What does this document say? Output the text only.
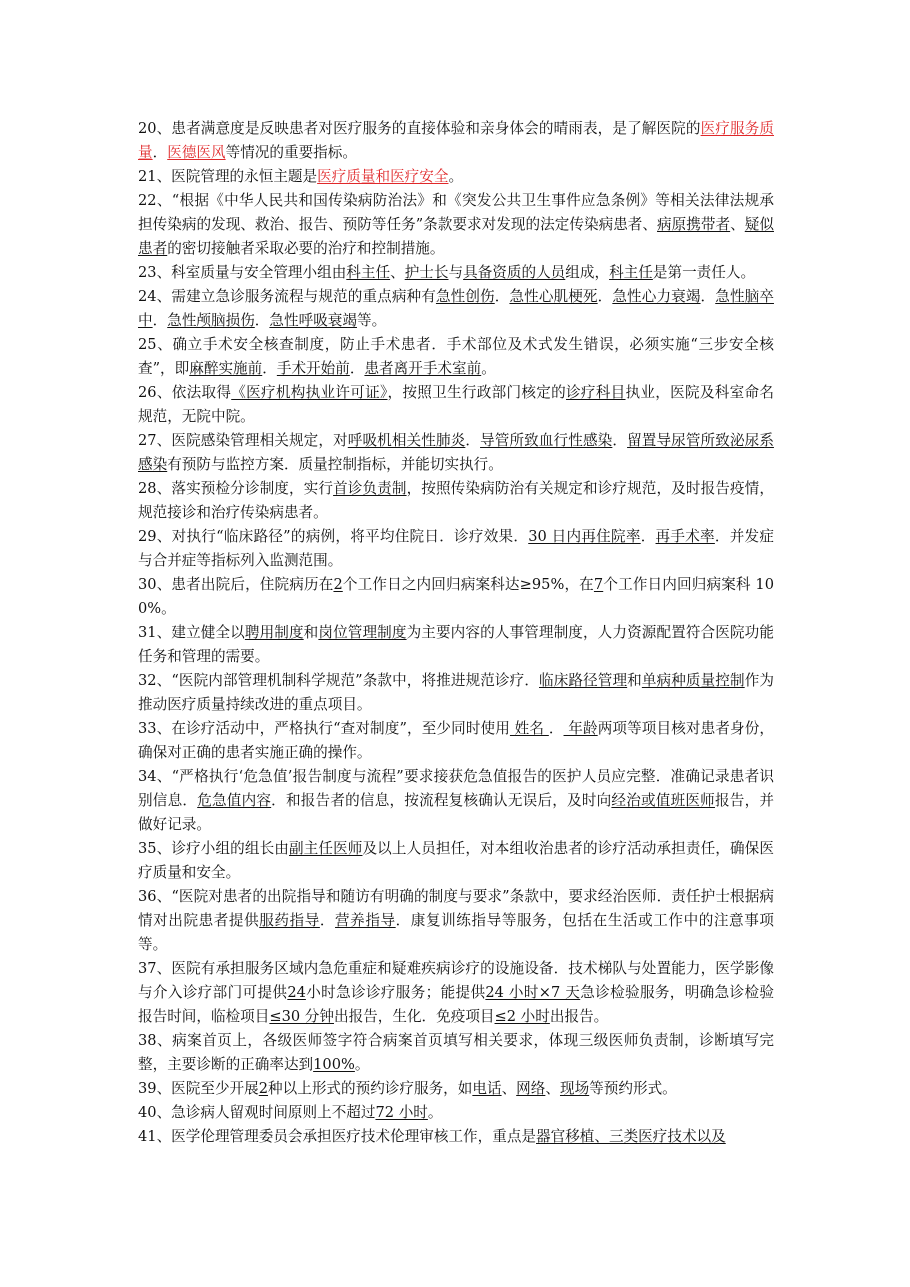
20、患者满意度是反映患者对医疗服务的直接体验和亲身体会的晴雨表，是了解医院的医疗服务质量．医德医风等情况的重要指标。

21、医院管理的永恒主题是医疗质量和医疗安全。

22、“根据《中华人民共和国传染病防治法》和《突发公共卫生事件应急条例》等相关法律法规承担传染病的发现、救治、报告、预防等任务”条款要求对发现的法定传染病患者、病原携带者、疑似患者的密切接触者采取必要的治疗和控制措施。

23、科室质量与安全管理小组由科主任、护士长与具备资质的人员组成，科主任是第一责任人。

24、需建立急诊服务流程与规范的重点病种有急性创伤．急性心肌梗死．急性心力衰竭．急性脑卒中．急性颅脑损伤．急性呼吸衰竭等。

25、确立手术安全核查制度，防止手术患者．手术部位及术式发生错误，必须实施“三步安全核查”，即麻醉实施前．手术开始前．患者离开手术室前。

26、依法取得《医疗机构执业许可证》，按照卫生行政部门核定的诊疗科目执业，医院及科室命名规范，无院中院。

27、医院感染管理相关规定，对呼吸机相关性肺炎．导管所致血行性感染．留置导尿管所致泌尿系感染有预防与监控方案．质量控制指标，并能切实执行。

28、落实预检分诊制度，实行首诊负责制，按照传染病防治有关规定和诊疗规范，及时报告疫情，规范接诊和治疗传染病患者。

29、对执行“临床路径”的病例，将平均住院日．诊疗效果．30 日内再住院率．再手术率．并发症与合并症等指标列入监测范围。

30、患者出院后，住院病历在2个工作日之内回归病案科达≥95%，在7个工作日内回归病案科 100%。

31、建立健全以聘用制度和岗位管理制度为主要内容的人事管理制度，人力资源配置符合医院功能任务和管理的需要。

32、“医院内部管理机制科学规范”条款中，将推进规范诊疗．临床路径管理和单病种质量控制作为推动医疗质量持续改进的重点项目。

33、在诊疗活动中，严格执行“查对制度”，至少同时使用 姓名 ． 年龄两项等项目核对患者身份，确保对正确的患者实施正确的操作。

34、“严格执行‘危急值’报告制度与流程”要求接获危急值报告的医护人员应完整．准确记录患者识别信息．危急值内容．和报告者的信息，按流程复核确认无误后，及时向经治或值班医师报告，并做好记录。

35、诊疗小组的组长由副主任医师及以上人员担任，对本组收治患者的诊疗活动承担责任，确保医疗质量和安全。

36、“医院对患者的出院指导和随访有明确的制度与要求”条款中，要求经治医师．责任护士根据病情对出院患者提供服药指导．营养指导．康复训练指导等服务，包括在生活或工作中的注意事项等。

37、医院有承担服务区域内急危重症和疑难疾病诊疗的设施设备．技术梯队与处置能力，医学影像与介入诊疗部门可提供24小时急诊诊疗服务；能提供24 小时×7 天急诊检验服务，明确急诊检验报告时间，临检项目≤30 分钟出报告，生化．免疫项目≤2 小时出报告。

38、病案首页上，各级医师签字符合病案首页填写相关要求，体现三级医师负责制，诊断填写完整，主要诊断的正确率达到100%。

39、医院至少开展2种以上形式的预约诊疗服务，如电话、网络、现场等预约形式。

40、急诊病人留观时间原则上不超过72 小时。

41、医学伦理管理委员会承担医疗技术伦理审核工作，重点是器官移植、三类医疗技术以及
